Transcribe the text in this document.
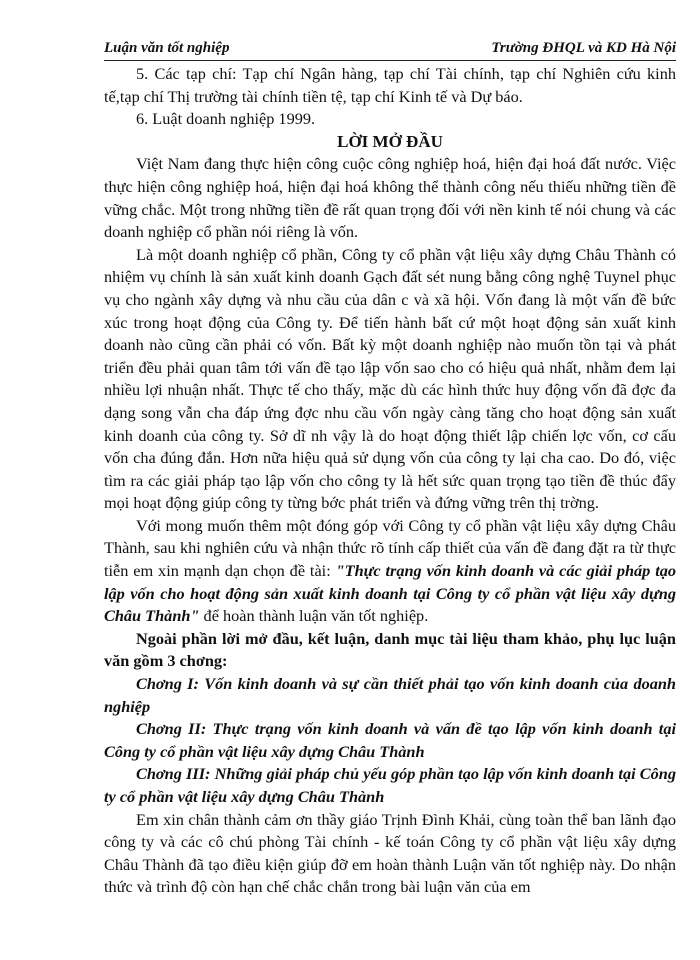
Luận văn tốt nghiệp	Trường ĐHQL và KD Hà Nội

5. Các tạp chí: Tạp chí Ngân hàng, tạp chí Tài chính, tạp chí Nghiên cứu kinh tế,tạp chí Thị trường tài chính tiền tệ, tạp chí Kinh tế và Dự báo.

6. Luật doanh nghiệp 1999.

LỜI MỞ ĐẦU

Việt Nam đang thực hiện công cuộc công nghiệp hoá, hiện đại hoá đất nước. Việc thực hiện công nghiệp hoá, hiện đại hoá không thể thành công nếu thiếu những tiền đề vững chắc. Một trong những tiền đề rất quan trọng đối với nền kinh tế nói chung và các doanh nghiệp cổ phần nói riêng là vốn.

Là một doanh nghiệp cổ phần, Công ty cổ phần vật liệu xây dựng Châu Thành có nhiệm vụ chính là sản xuất kinh doanh Gạch đất sét nung bằng công nghệ Tuynel phục vụ cho ngành xây dựng và nhu cầu của dân c và xã hội. Vốn đang là một vấn đề bức xúc trong hoạt động của Công ty. Để tiến hành bất cứ một hoạt động sản xuất kinh doanh nào cũng cần phải có vốn. Bất kỳ một doanh nghiệp nào muốn tồn tại và phát triển đều phải quan tâm tới vấn đề tạo lập vốn sao cho có hiệu quả nhất, nhằm đem lại nhiều lợi nhuận nhất. Thực tế cho thấy, mặc dù các hình thức huy động vốn đã đợc đa dạng song vẫn cha đáp ứng đợc nhu cầu vốn ngày càng tăng cho hoạt động sản xuất kinh doanh của công ty. Sở dĩ nh vậy là do hoạt động thiết lập chiến lợc vốn, cơ cấu vốn cha đúng đắn. Hơn nữa hiệu quả sử dụng vốn của công ty lại cha cao. Do đó, việc tìm ra các giải pháp tạo lập vốn cho công ty là hết sức quan trọng tạo tiền đề thúc đẩy mọi hoạt động giúp công ty từng bớc phát triển và đứng vững trên thị trờng.

Với mong muốn thêm một đóng góp với Công ty cổ phần vật liệu xây dựng Châu Thành, sau khi nghiên cứu và nhận thức rõ tính cấp thiết của vấn đề đang đặt ra từ thực tiễn em xin mạnh dạn chọn đề tài: "Thực trạng vốn kinh doanh và các giải pháp tạo lập vốn cho hoạt động sản xuất kinh doanh tại Công ty cổ phần vật liệu xây dựng Châu Thành" để hoàn thành luận văn tốt nghiệp.

Ngoài phần lời mở đầu, kết luận, danh mục tài liệu tham khảo, phụ lục luận văn gồm 3 chơng:

Chơng I: Vốn kinh doanh và sự cần thiết phải tạo vốn kinh doanh của doanh nghiệp

Chơng II: Thực trạng vốn kinh doanh và vấn đề tạo lập vốn kinh doanh tại Công ty cổ phần vật liệu xây dựng Châu Thành

Chơng III: Những giải pháp chủ yếu góp phần tạo lập vốn kinh doanh tại Công ty cổ phần vật liệu xây dựng Châu Thành

Em xin chân thành cảm ơn thầy giáo Trịnh Đình Khải, cùng toàn thể ban lãnh đạo công ty và các cô chú phòng Tài chính - kế toán Công ty cổ phần vật liệu xây dựng Châu Thành đã tạo điều kiện giúp đỡ em hoàn thành Luận văn tốt nghiệp này. Do nhận thức và trình độ còn hạn chế chắc chắn trong bài luận văn của em
